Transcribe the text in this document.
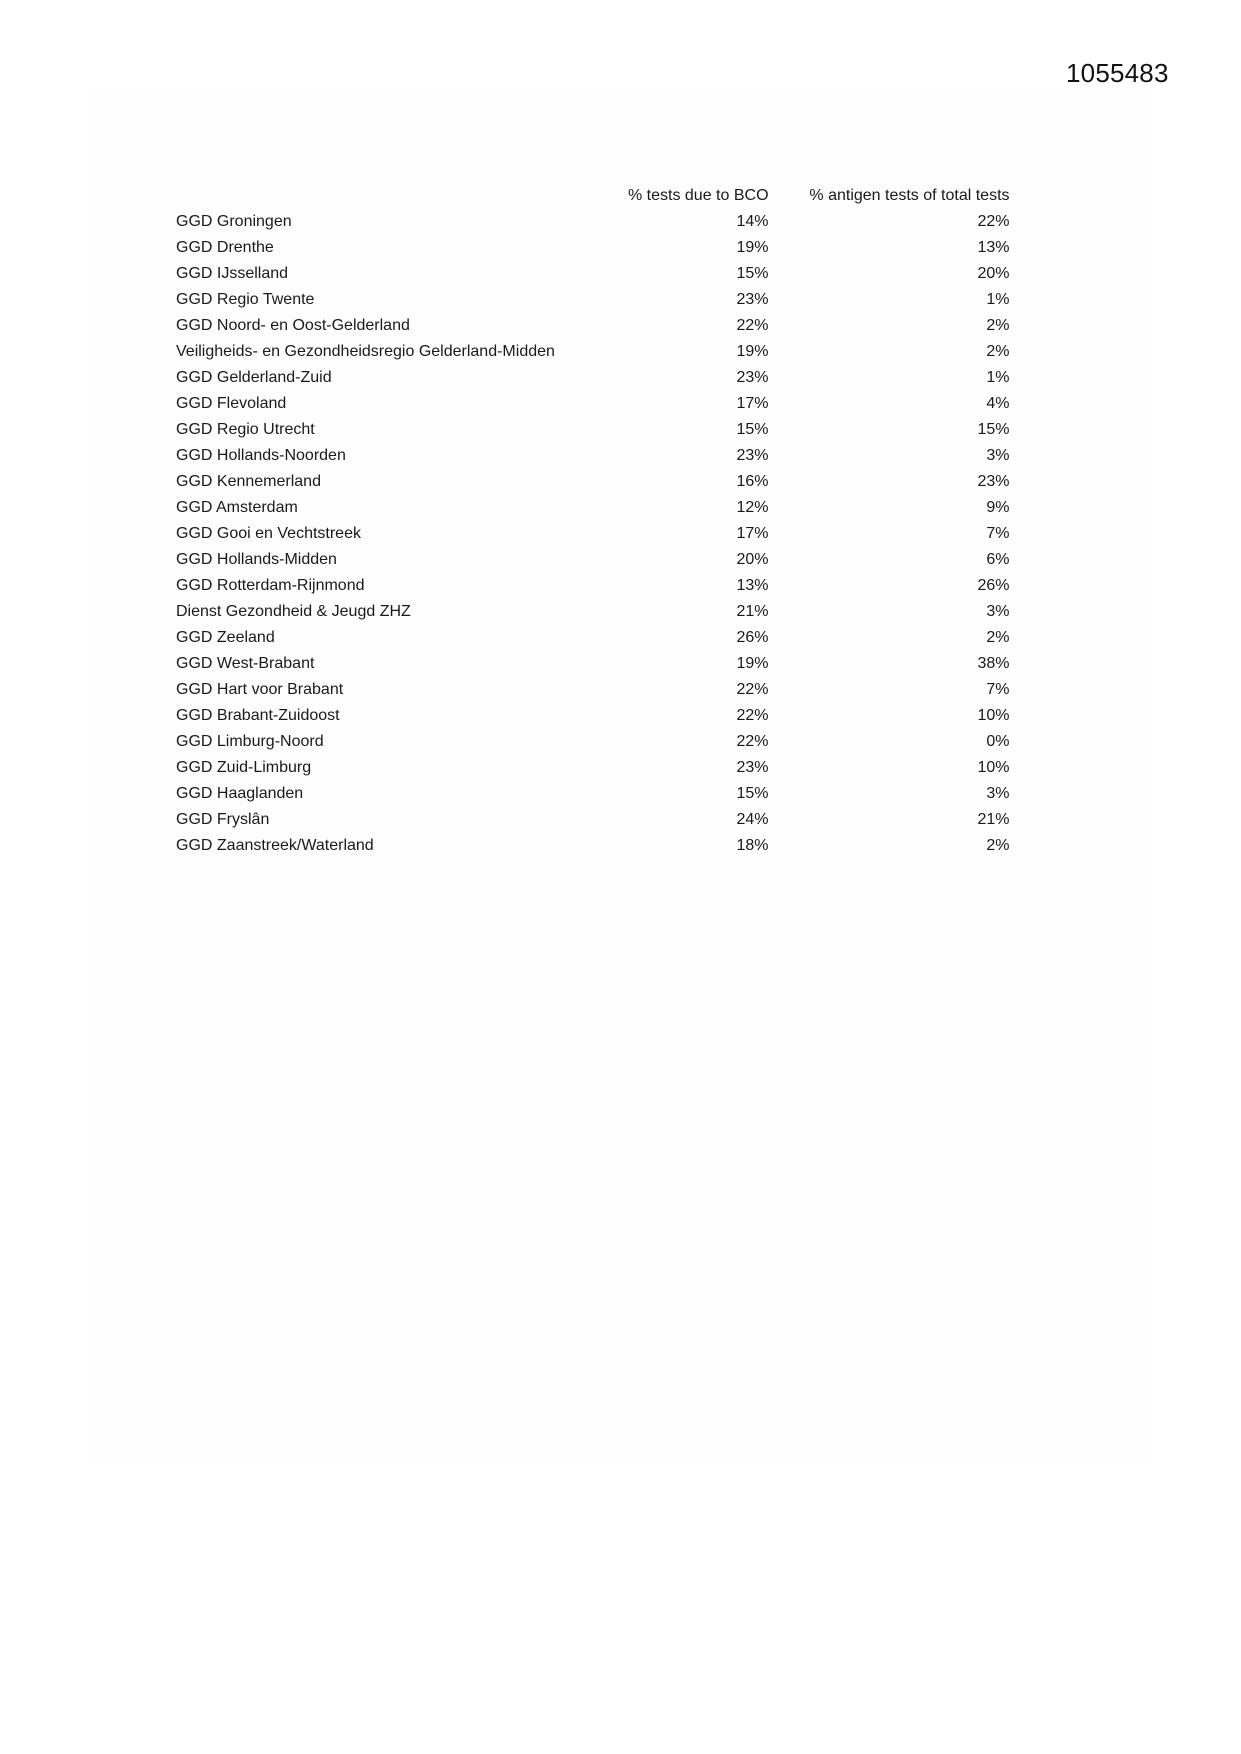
1055483
	% tests due to BCO	% antigen tests of total tests
GGD Groningen	14%	22%
GGD Drenthe	19%	13%
GGD IJsselland	15%	20%
GGD Regio Twente	23%	1%
GGD Noord- en Oost-Gelderland	22%	2%
Veiligheids- en Gezondheidsregio Gelderland-Midden	19%	2%
GGD Gelderland-Zuid	23%	1%
GGD Flevoland	17%	4%
GGD Regio Utrecht	15%	15%
GGD Hollands-Noorden	23%	3%
GGD Kennemerland	16%	23%
GGD Amsterdam	12%	9%
GGD Gooi en Vechtstreek	17%	7%
GGD Hollands-Midden	20%	6%
GGD Rotterdam-Rijnmond	13%	26%
Dienst Gezondheid & Jeugd ZHZ	21%	3%
GGD Zeeland	26%	2%
GGD West-Brabant	19%	38%
GGD Hart voor Brabant	22%	7%
GGD Brabant-Zuidoost	22%	10%
GGD Limburg-Noord	22%	0%
GGD Zuid-Limburg	23%	10%
GGD Haaglanden	15%	3%
GGD Fryslân	24%	21%
GGD Zaanstreek/Waterland	18%	2%
